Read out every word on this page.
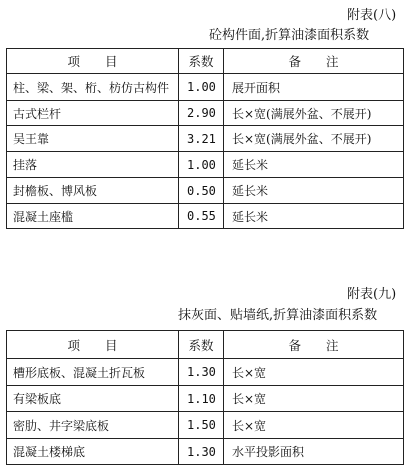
附表(八)
砼构件面,折算油漆面积系数
项　　目	系数	备　　注
柱、梁、架、桁、枋仿古构件	1.00	展开面积
古式栏杆	2.90	长×宽(满展外盆、不展开)
吴王靠	3.21	长×宽(满展外盆、不展开)
挂落	1.00	延长米
封檐板、博风板	0.50	延长米
混凝土座槛	0.55	延长米
附表(九)
抹灰面、贴墙纸,折算油漆面积系数
项　　目	系数	备　　注
槽形底板、混凝土折瓦板	1.30	长×宽
有梁板底	1.10	长×宽
密肋、井字梁底板	1.50	长×宽
混凝土楼梯底	1.30	水平投影面积
